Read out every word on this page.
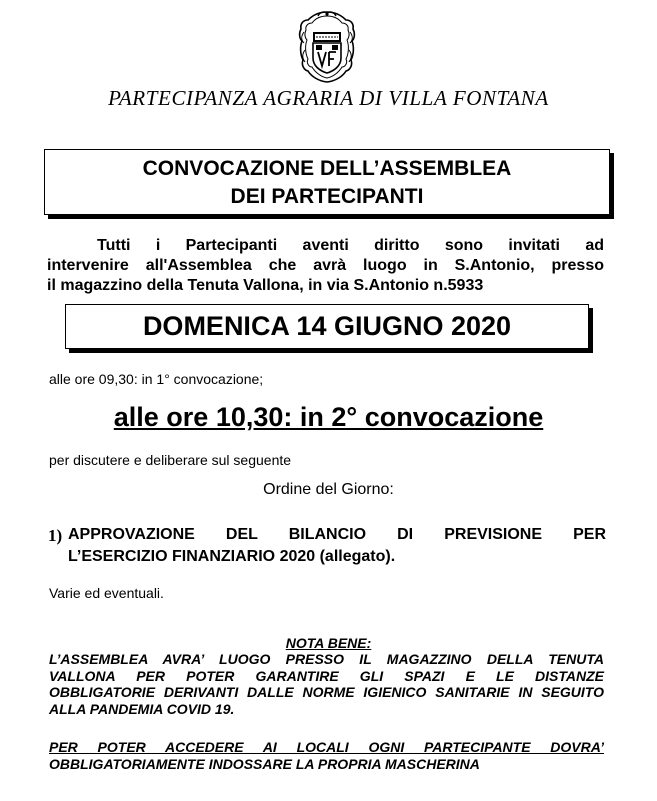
PARTECIPANZA AGRARIA DI VILLA FONTANA
CONVOCAZIONE DELL’ASSEMBLEA
DEI PARTECIPANTI
Tutti i Partecipanti aventi diritto sono invitati ad
intervenire all'Assemblea che avrà luogo in S.Antonio, presso
il magazzino della Tenuta Vallona, in via S.Antonio n.5933
DOMENICA 14 GIUGNO 2020
alle ore 09,30: in 1° convocazione;
alle ore 10,30: in 2° convocazione
per discutere e deliberare sul seguente
Ordine del Giorno:
1) APPROVAZIONE DEL BILANCIO DI PREVISIONE PER
L’ESERCIZIO FINANZIARIO 2020 (allegato).
Varie ed eventuali.
NOTA BENE:
L’ASSEMBLEA AVRA’ LUOGO PRESSO IL MAGAZZINO DELLA TENUTA
VALLONA PER POTER GARANTIRE GLI SPAZI E LE DISTANZE
OBBLIGATORIE DERIVANTI DALLE NORME IGIENICO SANITARIE IN SEGUITO
ALLA PANDEMIA COVID 19.
PER POTER ACCEDERE AI LOCALI OGNI PARTECIPANTE DOVRA’
OBBLIGATORIAMENTE INDOSSARE LA PROPRIA MASCHERINA
